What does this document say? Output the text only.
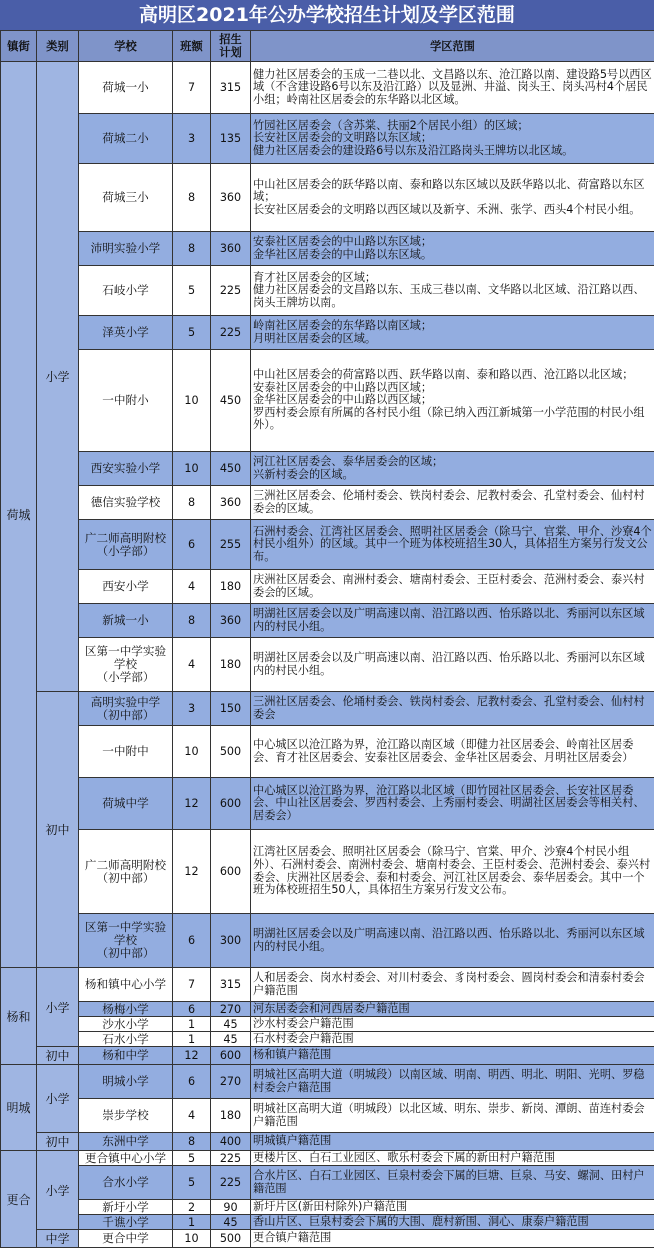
高明区2021年公办学校招生计划及学区范围
镇街	类别	学校	班额	招生
计划	学区范围
荷城	小学	荷城一小	7	315	健力社区居委会的玉成一二巷以北、文昌路以东、沧江路以南、建设路5号以西区域（不含建设路6号以东及沿江路）以及显洲、井溢、岗头王、岗头冯村4个居民小组；岭南社区居委会的东华路以北区域。
		荷城二小	3	135	竹园社区居委会（含苏棠、扶丽2个居民小组）的区域；
长安社区居委会的文明路以东区域；
健力社区居委会的建设路6号以东及沿江路岗头王牌坊以北区域。
		荷城三小	8	360	中山社区居委会的跃华路以南、泰和路以东区域以及跃华路以北、荷富路以东区域；
长安社区居委会的文明路以西区域以及新亨、禾洲、张学、西头4个村民小组。
		沛明实验小学	8	360	安泰社区居委会的中山路以东区域；
金华社区居委会的中山路以东区域。
		石岐小学	5	225	育才社区居委会的区域；
健力社区居委会的文昌路以东、玉成三巷以南、文华路以北区域、沿江路以西、岗头王牌坊以南。
		泽英小学	5	225	岭南社区居委会的东华路以南区域；
月明社区居委会的区域。
		一中附小	10	450	中山社区居委会的荷富路以西、跃华路以南、泰和路以西、沧江路以北区域；
安泰社区居委会的中山路以西区域；
金华社区居委会的中山路以西区域；
罗西村委会原有所属的各村民小组（除已纳入西江新城第一小学范围的村民小组外）。
		西安实验小学	10	450	河江社区居委会、泰华居委会的区域；
兴新村委会的区域。
		德信实验学校	8	360	三洲社区居委会、伦埇村委会、铁岗村委会、尼教村委会、孔堂村委会、仙村村委会的区域。
		广二师高明附校
（小学部）	6	255	石洲村委会、江湾社区居委会、照明社区居委会（除马宁、官棠、甲介、沙寮4个村民小组外）的区域。其中一个班为体校班招生30人，具体招生方案另行发文公布。
		西安小学	4	180	庆洲社区居委会、南洲村委会、塘南村委会、王臣村委会、范洲村委会、泰兴村委会的区域。
		新城一小	8	360	明湖社区居委会以及广明高速以南、沿江路以西、怡乐路以北、秀丽河以东区域内的村民小组。
		区第一中学实验学校
（小学部）	4	180	明湖社区居委会以及广明高速以南、沿江路以西、怡乐路以北、秀丽河以东区域内的村民小组。
	初中	高明实验中学
（初中部）	3	150	三洲社区居委会、伦埇村委会、铁岗村委会、尼教村委会、孔堂村委会、仙村村委会
		一中附中	10	500	中心城区以沧江路为界，沧江路以南区域（即健力社区居委会、岭南社区居委会、育才社区居委会、安泰社区居委会、金华社区居委会、月明社区居委会）
		荷城中学	12	600	中心城区以沧江路为界，沧江路以北区域（即竹园社区居委会、长安社区居委会、中山社区居委会、罗西村委会、上秀丽村委会、明湖社区居委会等相关村、居委会）
		广二师高明附校
（初中部）	12	600	江湾社区居委会、照明社区居委会（除马宁、官棠、甲介、沙寮4个村民小组外）、石洲村委会、南洲村委会、塘南村委会、王臣村委会、范洲村委会、泰兴村委会、庆洲社区居委会、泰和村委会、河江社区居委会、泰华居委会。其中一个班为体校班招生50人，具体招生方案另行发文公布。
		区第一中学实验学校
（初中部）	6	300	明湖社区居委会以及广明高速以南、沿江路以西、怡乐路以北、秀丽河以东区域内的村民小组。
杨和	小学	杨和镇中心小学	7	315	人和居委会、岗水村委会、对川村委会、豸岗村委会、圆岗村委会和清泰村委会户籍范围
		杨梅小学	6	270	河东居委会和河西居委户籍范围
		沙水小学	1	45	沙水村委会户籍范围
		石水小学	1	45	石水村委会户籍范围
	初中	杨和中学	12	600	杨和镇户籍范围
明城	小学	明城小学	6	270	明城社区高明大道（明城段）以南区域、明南、明西、明北、明阳、光明、罗稳村委会户籍范围
		崇步学校	4	180	明城社区高明大道（明城段）以北区域、明东、崇步、新岗、潭朗、苗连村委会户籍范围
	初中	东洲中学	8	400	明城镇户籍范围
更合	小学	更合镇中心小学	5	225	更楼片区、白石工业园区、歌乐村委会下属的新田村户籍范围
		合水小学	5	225	合水片区、白石工业园区、巨泉村委会下属的巨塘、巨泉、马安、螺洞、田村户籍范围
		新圩小学	2	90	新圩片区(新田村除外)户籍范围
		千谯小学	1	45	香山片区、巨泉村委会下属的大围、鹿村新围、洞心、康泰户籍范围
	中学	更合中学	10	500	更合镇户籍范围
